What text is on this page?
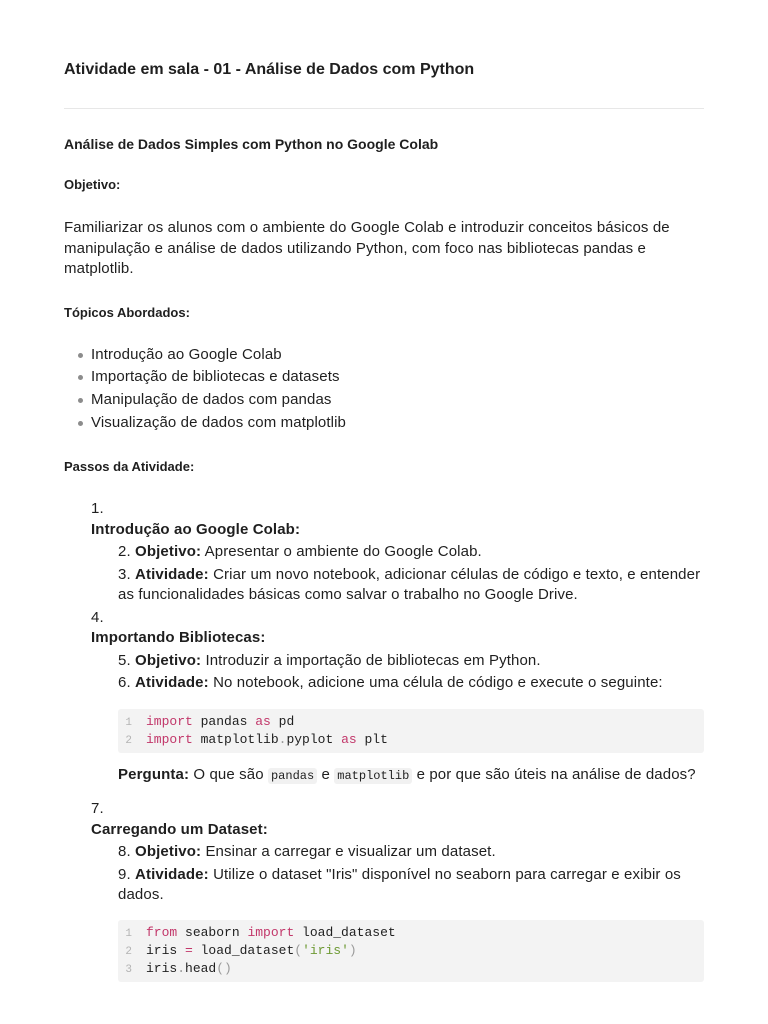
Atividade em sala - 01 - Análise de Dados com Python
Análise de Dados Simples com Python no Google Colab
Objetivo:

Familiarizar os alunos com o ambiente do Google Colab e introduzir conceitos básicos de manipulação e análise de dados utilizando Python, com foco nas bibliotecas pandas e matplotlib.

Tópicos Abordados:
Introdução ao Google Colab
Importação de bibliotecas e datasets
Manipulação de dados com pandas
Visualização de dados com matplotlib
Passos da Atividade:
1.
Introdução ao Google Colab:
2. Objetivo: Apresentar o ambiente do Google Colab.
3. Atividade: Criar um novo notebook, adicionar células de código e texto, e entender as funcionalidades básicas como salvar o trabalho no Google Drive.
4.
Importando Bibliotecas:
5. Objetivo: Introduzir a importação de bibliotecas em Python.
6. Atividade: No notebook, adicione uma célula de código e execute o seguinte:
1 import pandas as pd
2 import matplotlib.pyplot as plt
Pergunta: O que são pandas e matplotlib e por que são úteis na análise de dados?
7.
Carregando um Dataset:
8. Objetivo: Ensinar a carregar e visualizar um dataset.
9. Atividade: Utilize o dataset "Iris" disponível no seaborn para carregar e exibir os dados.
1 from seaborn import load_dataset
2 iris = load_dataset('iris')
3 iris.head()
